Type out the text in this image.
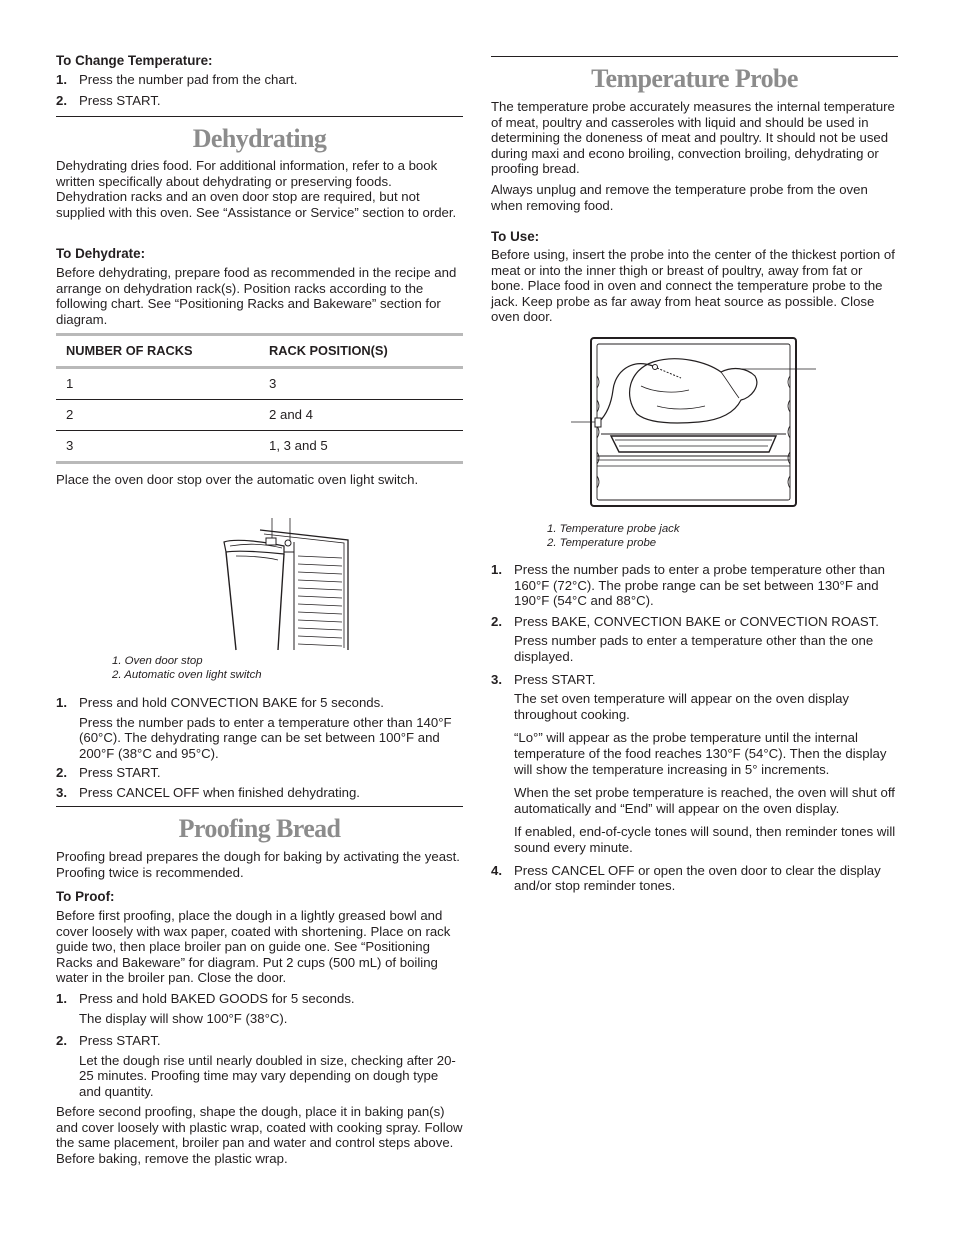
To Change Temperature:
1. Press the number pad from the chart.
2. Press START.
Dehydrating

Dehydrating dries food. For additional information, refer to a book written specifically about dehydrating or preserving foods. Dehydration racks and an oven door stop are required, but not supplied with this oven. See “Assistance or Service” section to order.

To Dehydrate:

Before dehydrating, prepare food as recommended in the recipe and arrange on dehydration rack(s). Position racks according to the following chart. See “Positioning Racks and Bakeware” section for diagram.

NUMBER OF RACKS	RACK POSITION(S)
1	3
2	2 and 4
3	1, 3 and 5

Place the oven door stop over the automatic oven light switch.

1. Oven door stop
2. Automatic oven light switch
1. Press and hold CONVECTION BAKE for 5 seconds.
Press the number pads to enter a temperature other than 140°F (60°C). The dehydrating range can be set between 100°F and 200°F (38°C and 95°C).
2. Press START.
3. Press CANCEL OFF when finished dehydrating.
Proofing Bread

Proofing bread prepares the dough for baking by activating the yeast. Proofing twice is recommended.

To Proof:

Before first proofing, place the dough in a lightly greased bowl and cover loosely with wax paper, coated with shortening. Place on rack guide two, then place broiler pan on guide one. See “Positioning Racks and Bakeware” for diagram. Put 2 cups (500 mL) of boiling water in the broiler pan. Close the door.

1. Press and hold BAKED GOODS for 5 seconds.
The display will show 100°F (38°C).
2. Press START.
Let the dough rise until nearly doubled in size, checking after 20-25 minutes. Proofing time may vary depending on dough type and quantity.

Before second proofing, shape the dough, place it in baking pan(s) and cover loosely with plastic wrap, coated with cooking spray. Follow the same placement, broiler pan and water and control steps above. Before baking, remove the plastic wrap.

Temperature Probe

The temperature probe accurately measures the internal temperature of meat, poultry and casseroles with liquid and should be used in determining the doneness of meat and poultry. It should not be used during maxi and econo broiling, convection broiling, dehydrating or proofing bread.

Always unplug and remove the temperature probe from the oven when removing food.

To Use:

Before using, insert the probe into the center of the thickest portion of meat or into the inner thigh or breast of poultry, away from fat or bone. Place food in oven and connect the temperature probe to the jack. Keep probe as far away from heat source as possible. Close oven door.

1. Temperature probe jack
2. Temperature probe
1. Press the number pads to enter a probe temperature other than 160°F (72°C). The probe range can be set between 130°F and 190°F (54°C and 88°C).
2. Press BAKE, CONVECTION BAKE or CONVECTION ROAST.
Press number pads to enter a temperature other than the one displayed.
3. Press START.
The set oven temperature will appear on the oven display throughout cooking.
“Lo°” will appear as the probe temperature until the internal temperature of the food reaches 130°F (54°C). Then the display will show the temperature increasing in 5° increments.
When the set probe temperature is reached, the oven will shut off automatically and “End” will appear on the oven display.
If enabled, end-of-cycle tones will sound, then reminder tones will sound every minute.
4. Press CANCEL OFF or open the oven door to clear the display and/or stop reminder tones.
